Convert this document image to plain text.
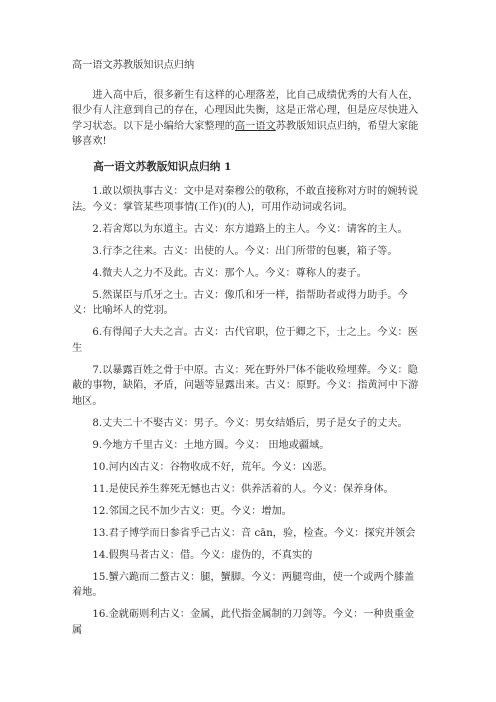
高一语文苏教版知识点归纳

进入高中后，很多新生有这样的心理落差，比自己成绩优秀的大有人在，很少有人注意到自己的存在，心理因此失衡，这是正常心理，但是应尽快进入学习状态。以下是小编给大家整理的高一语文苏教版知识点归纳，希望大家能够喜欢!

高一语文苏教版知识点归纳 1

1.敢以烦执事古义：文中是对秦穆公的敬称，不敢直接称对方时的婉转说法。今义：掌管某些项事情(工作)(的人)，可用作动词或名词。
2.若舍郑以为东道主。古义：东方道路上的主人。今义：请客的主人。
3.行李之往来。古义：出使的人。今义：出门所带的包裹，箱子等。
4.微夫人之力不及此。古义：那个人。今义：尊称人的妻子。
5.然谋臣与爪牙之士。古义：像爪和牙一样，指帮助者或得力助手。今义：比喻坏人的党羽。
6.有得闻子大夫之言。古义：古代官职，位于卿之下，士之上。今义：医生
7.以暴露百姓之骨于中原。古义：死在野外尸体不能收殓埋葬。今义：隐蔽的事物，缺陷，矛盾，问题等显露出来。古义：原野。今义：指黄河中下游地区。
8.丈夫二十不娶古义：男子。今义：男女结婚后，男子是女子的丈夫。
9.今地方千里古义：土地方圆。今义： 田地或疆域。
10.河内凶古义：谷物收成不好，荒年。今义：凶恶。
11.是使民养生葬死无憾也古义：供养活着的人。今义：保养身体。
12.邻国之民不加少古义：更。今义：增加。
13.君子博学而日参省乎己古义：音 cān，验，检查。今义：探究并领会
14.假舆马者古义：借。今义：虚伪的，不真实的
15.蟹六跪而二螯古义：腿，蟹脚。今义：两腿弯曲，使一个或两个膝盖着地。
16.金就砺则利古义：金属，此代指金属制的刀剑等。今义：一种贵重金属
